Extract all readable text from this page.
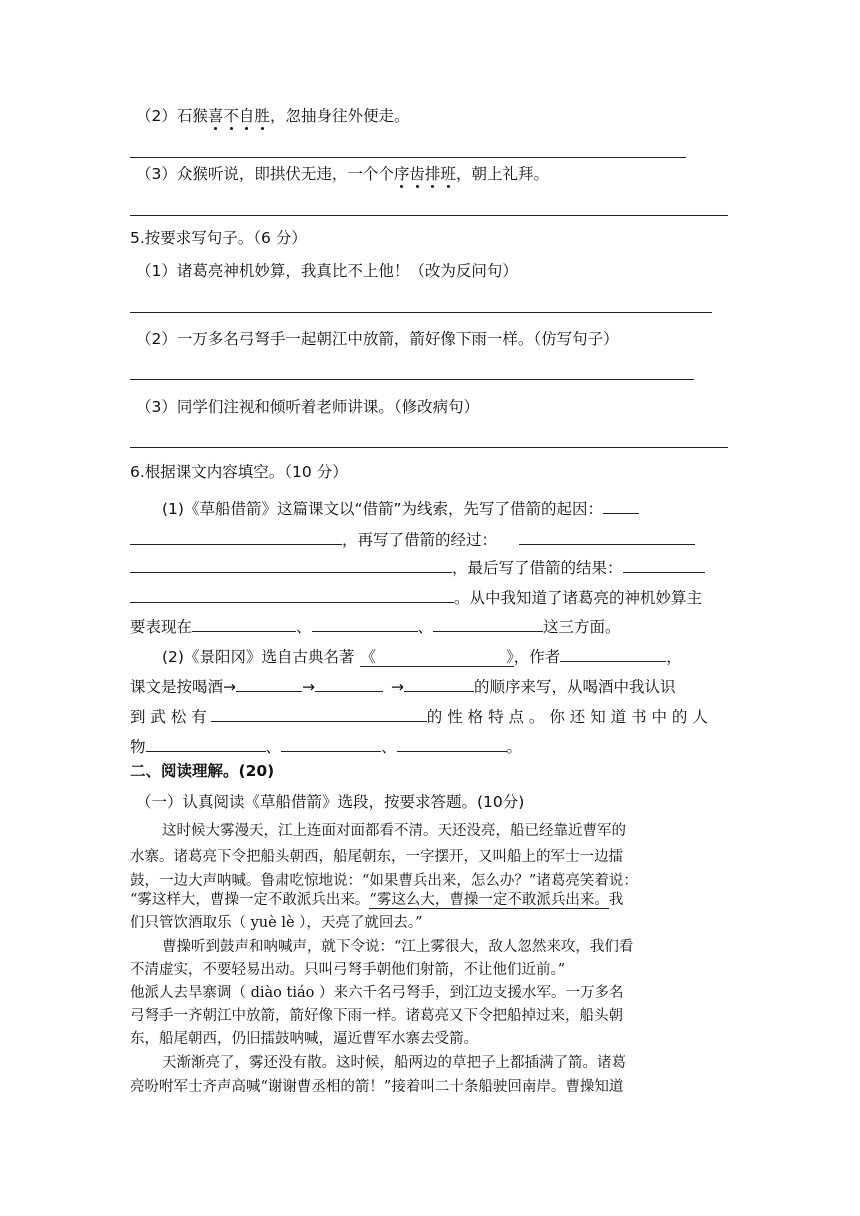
（2）石猴喜不自胜，忽抽身往外便走。
（3）众猴听说，即拱伏无违，一个个序齿排班，朝上礼拜。
5.按要求写句子。（6 分）
（1）诸葛亮神机妙算，我真比不上他！（改为反问句）
（2）一万多名弓弩手一起朝江中放箭，箭好像下雨一样。（仿写句子）
（3）同学们注视和倾听着老师讲课。（修改病句）
6.根据课文内容填空。（10 分）
(1)《草船借箭》这篇课文以“借箭”为线索，先写了借箭的起因：
，再写了借箭的经过：
，最后写了借箭的结果：
。从中我知道了诸葛亮的神机妙算主
要表现在	、	、	这三方面。
(2)《景阳冈》选自古典名著 《	》，作者	，
课文是按喝酒→	→	→	的顺序来写，从喝酒中我认识
到 武 松 有	的 性 格 特 点 。 你 还 知 道 书 中 的 人
物	、	、	。
二、阅读理解。(20)
（一）认真阅读《草船借箭》选段，按要求答题。(10分)
这时候大雾漫天，江上连面对面都看不清。天还没亮，船已经靠近曹军的
水寨。诸葛亮下令把船头朝西，船尾朝东，一字摆开，又叫船上的军士一边擂
鼓，一边大声呐喊。鲁肃吃惊地说：“如果曹兵出来，怎么办？”诸葛亮笑着说：
“雾这样大，曹操一定不敢派兵出来。“雾这么大，曹操一定不敢派兵出来。我
们只管饮酒取乐（ yuè lè ），天亮了就回去。”
曹操听到鼓声和呐喊声，就下令说：“江上雾很大，敌人忽然来攻，我们看
不清虚实，不要轻易出动。只叫弓弩手朝他们射箭，不让他们近前。”
他派人去旱寨调（ diào tiáo ）来六千名弓弩手，到江边支援水军。一万多名
弓弩手一齐朝江中放箭，箭好像下雨一样。诸葛亮又下令把船掉过来，船头朝
东，船尾朝西，仍旧擂鼓呐喊，逼近曹军水寨去受箭。
天渐渐亮了，雾还没有散。这时候，船两边的草把子上都插满了箭。诸葛
亮吩咐军士齐声高喊“谢谢曹丞相的箭！”接着叫二十条船驶回南岸。曹操知道
